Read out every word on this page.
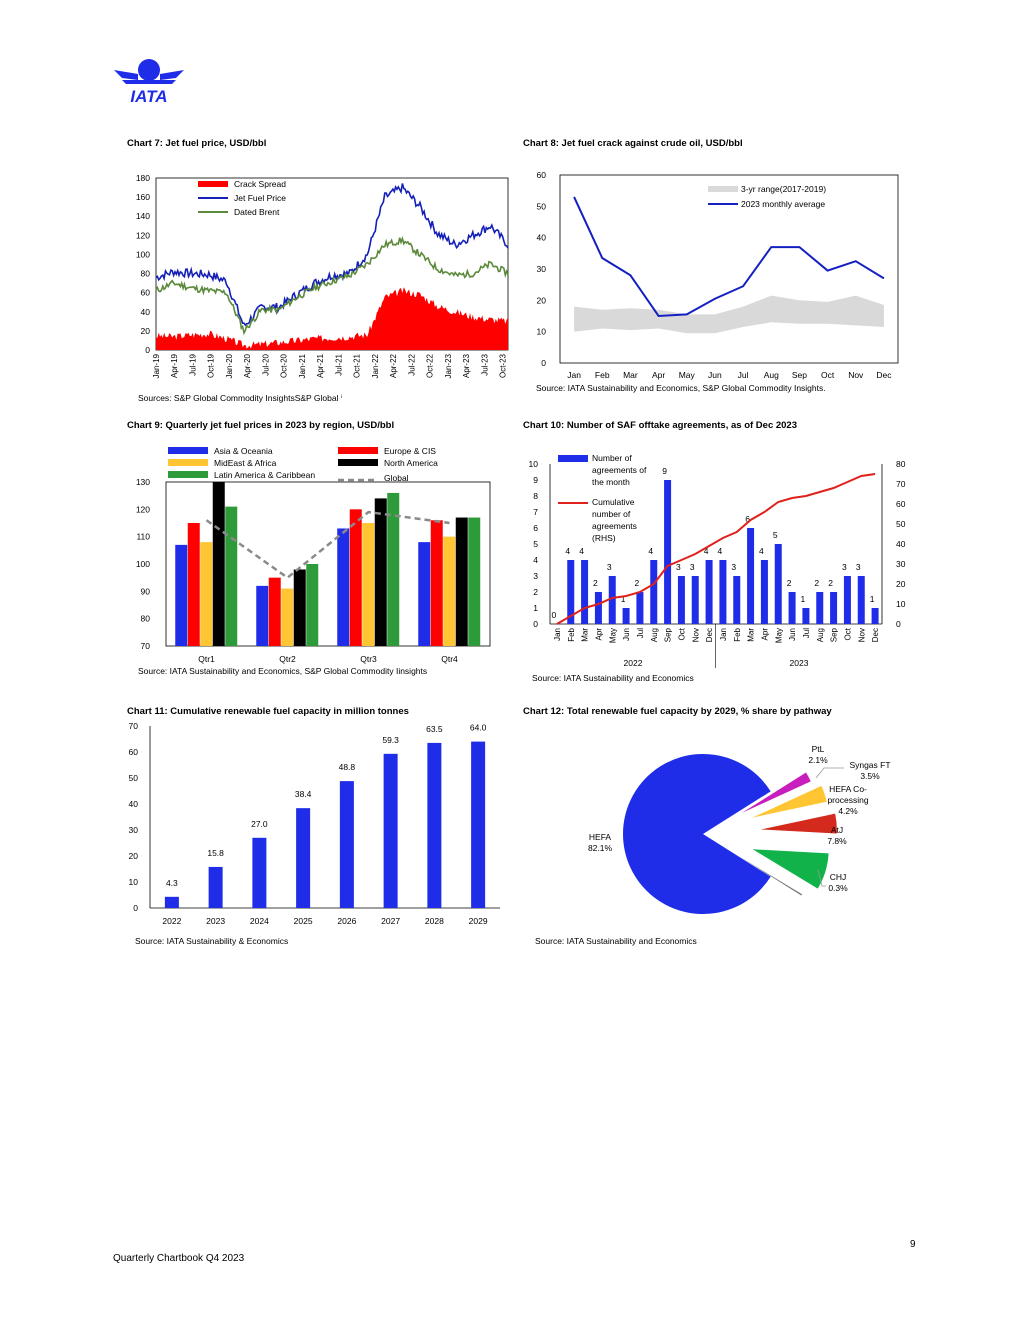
IATA
Chart 7: Jet fuel price, USD/bbl
0
20
40
60
80
100
120
140
160
180
Jan-19 Apr-19 Jul-19 Oct-19 Jan-20 Apr-20 Jul-20 Oct-20 Jan-21 Apr-21 Jul-21 Oct-21 Jan-22 Apr-22 Jul-22 Oct-22 Jan-23 Apr-23 Jul-23 Oct-23
Crack Spread
Jet Fuel Price
Dated Brent
Sources: S&P Global Commodity InsightsS&P Global ⁱ
Chart 8: Jet fuel crack against crude oil, USD/bbl
0
10
20
30
40
50
60
Jan Feb Mar Apr May Jun Jul Aug Sep Oct Nov Dec
3-yr range(2017-2019)
2023 monthly average
Source: IATA Sustainability and Economics, S&P Global Commodity Insights.
Chart 9: Quarterly jet fuel prices in 2023 by region, USD/bbl
70
80
90
100
110
120
130
Qtr1	Qtr2	Qtr3	Qtr4
Asia & Oceania	Europe & CIS
MidEast & Africa	North America
Latin America & Caribbean	Global
Source: IATA Sustainability and Economics, S&P Global Commodity Iinsights
Chart 10: Number of SAF offtake agreements, as of Dec 2023
0
1
2
3
4
5
6
7
8
9
10
0
10
20
30
40
50
60
70
80
0
4 4
2
3
1
2
4
9
3 3
4 4
3
6
4
5
2
1
2 2
3 3
1
Jan Feb Mar Apr May Jun Jul Aug Sep Oct Nov Dec Jan Feb Mar Apr May Jun Jul Aug Sep Oct Nov Dec
2022	2023
Number of
agreements of
the month
Cumulative
number of
agreements
(RHS)
Source: IATA Sustainability and Economics
Chart 11: Cumulative renewable fuel capacity in million tonnes
0
10
20
30
40
50
60
70
4.3
2022
15.8
2023
27.0
2024
38.4
2025
48.8
2026
59.3
2027
63.5
2028
64.0
2029
Source: IATA Sustainability & Economics
Chart 12: Total renewable fuel capacity by 2029, % share by pathway
HEFA
82.1%
PtL
2.1%	Syngas FT
3.5%
HEFA Co-
processing
4.2%
AtJ
7.8%
CHJ
0.3%
Source: IATA Sustainability and Economics
9
Quarterly Chartbook Q4 2023
